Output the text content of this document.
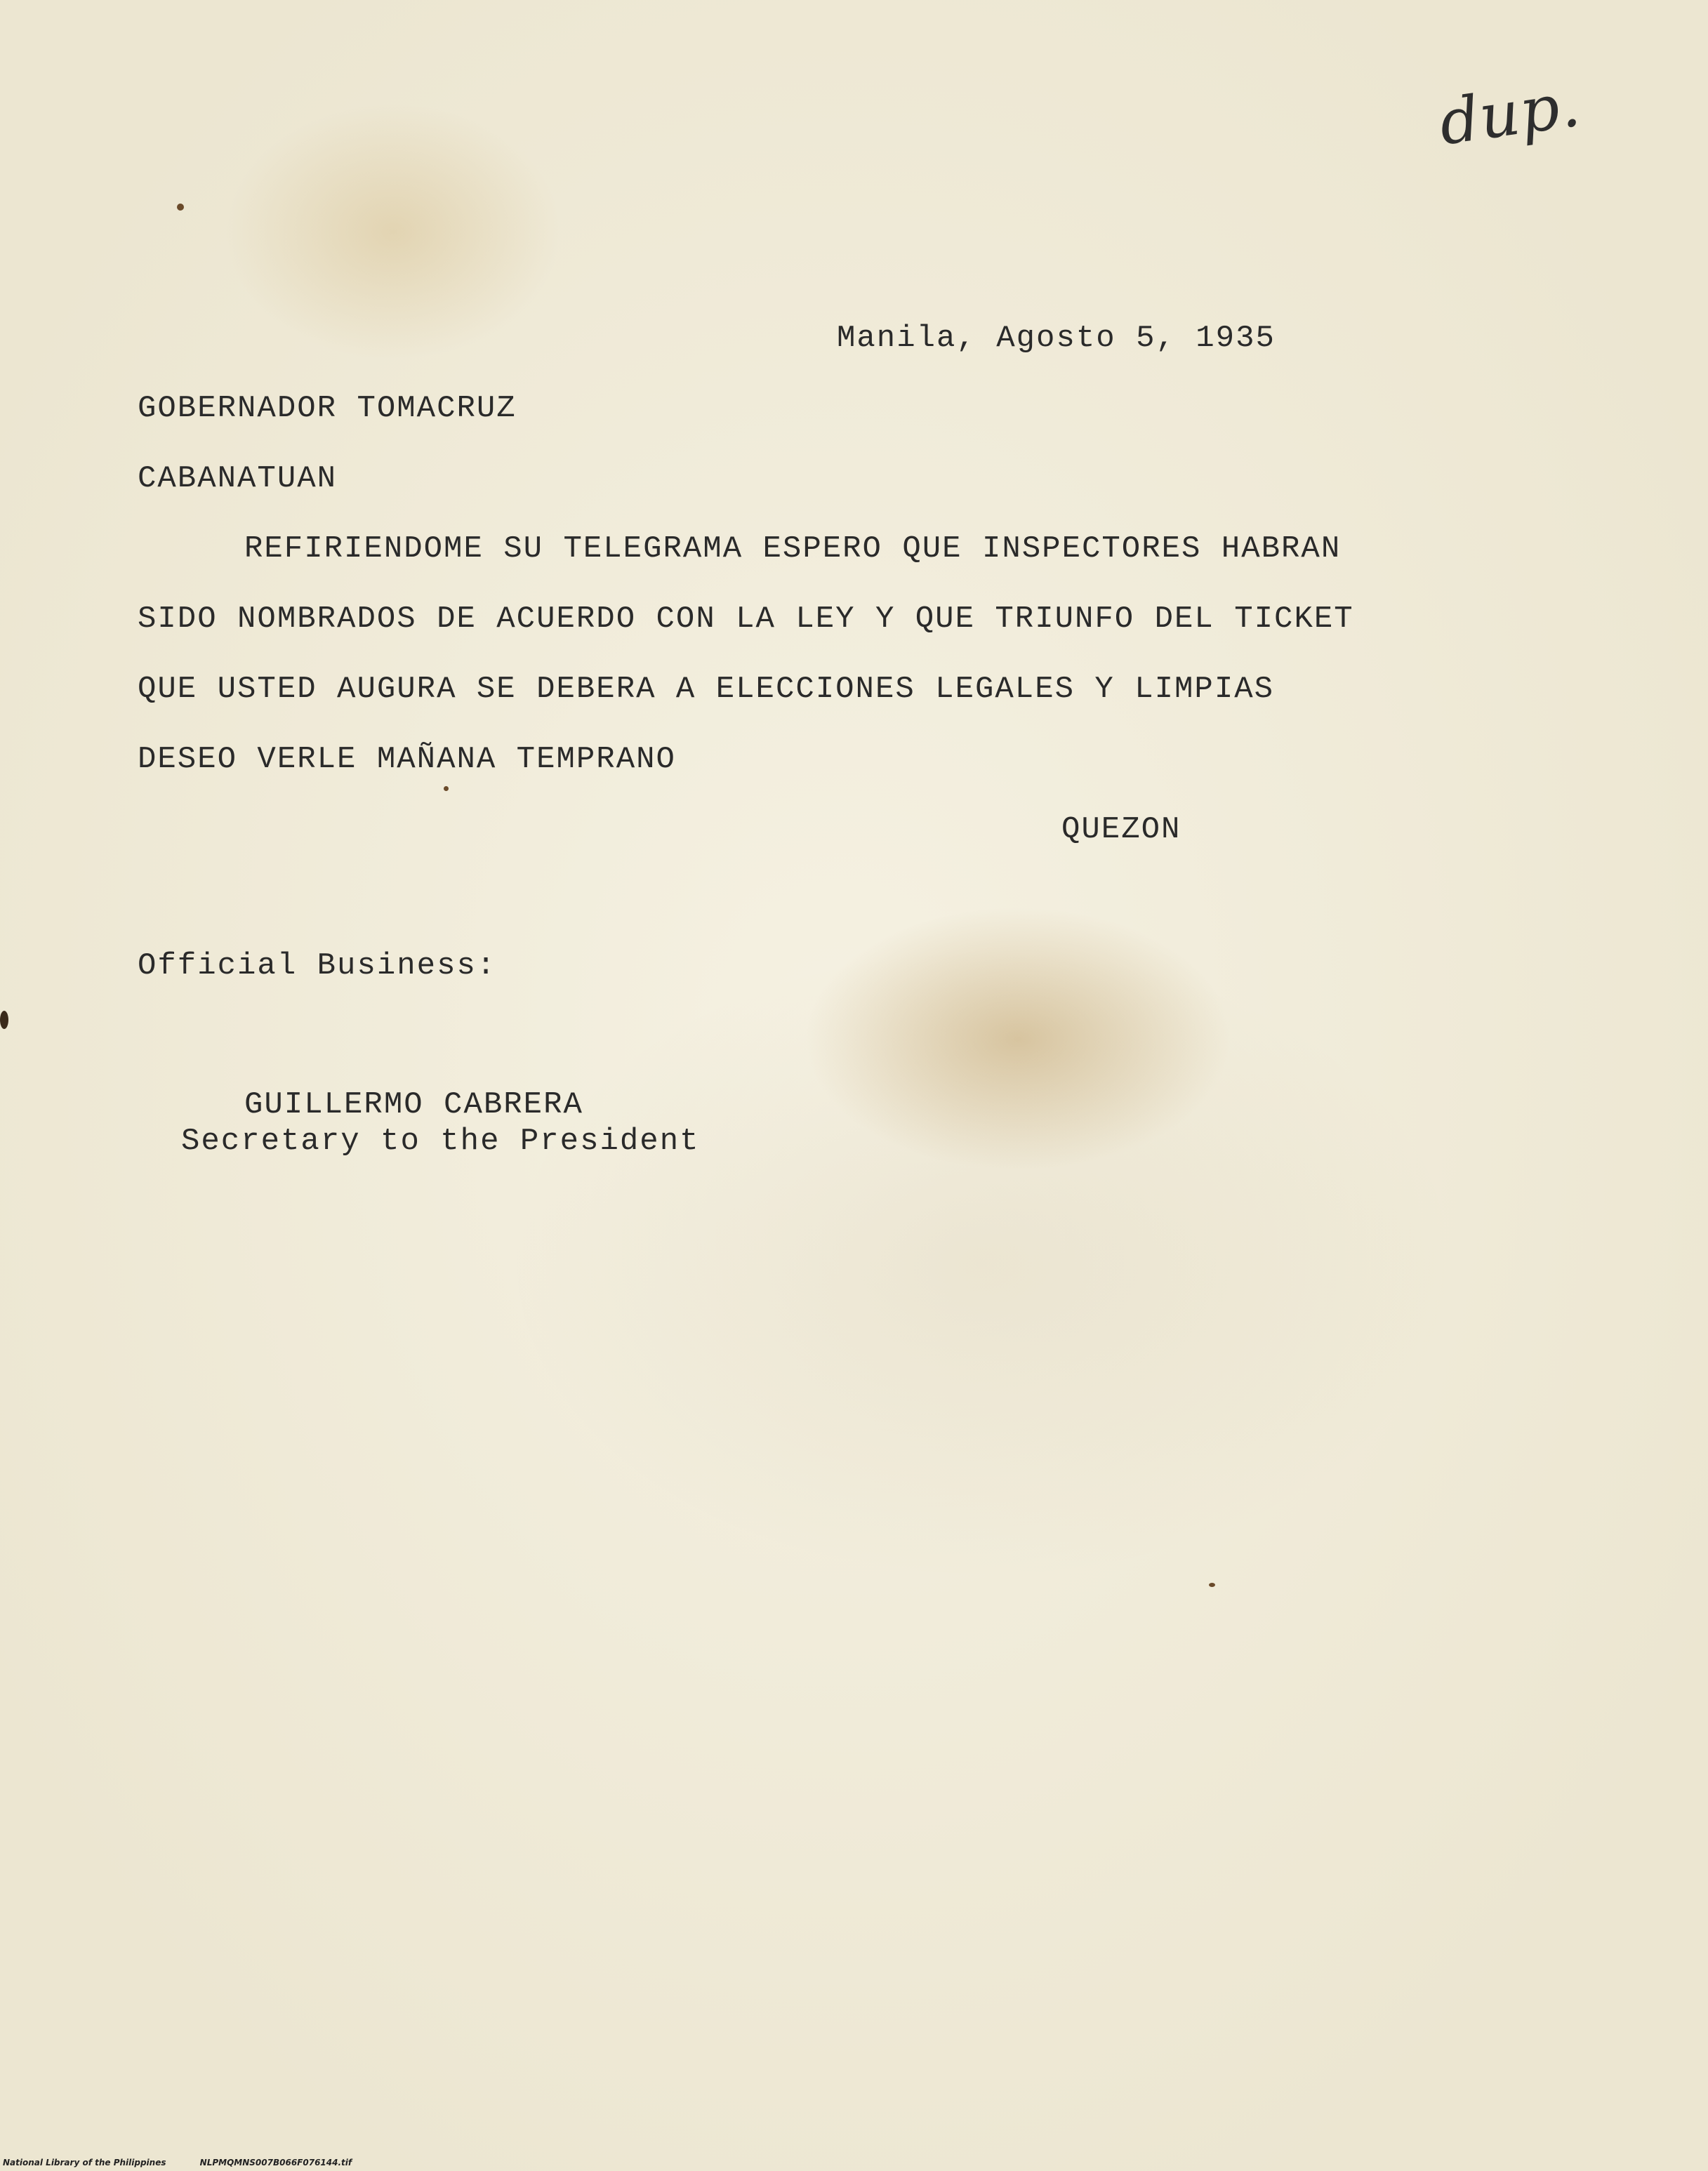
dup.
Manila, Agosto 5, 1935
GOBERNADOR TOMACRUZ
CABANATUAN
REFIRIENDOME SU TELEGRAMA ESPERO QUE INSPECTORES HABRAN
SIDO NOMBRADOS DE ACUERDO CON LA LEY Y QUE TRIUNFO DEL TICKET
QUE USTED AUGURA SE DEBERA A ELECCIONES LEGALES Y LIMPIAS
DESEO VERLE MAÑANA TEMPRANO
QUEZON
Official Business:
GUILLERMO CABRERA
Secretary to the President
National Library of the Philippines	NLPMQMNS007B066F076144.tif
